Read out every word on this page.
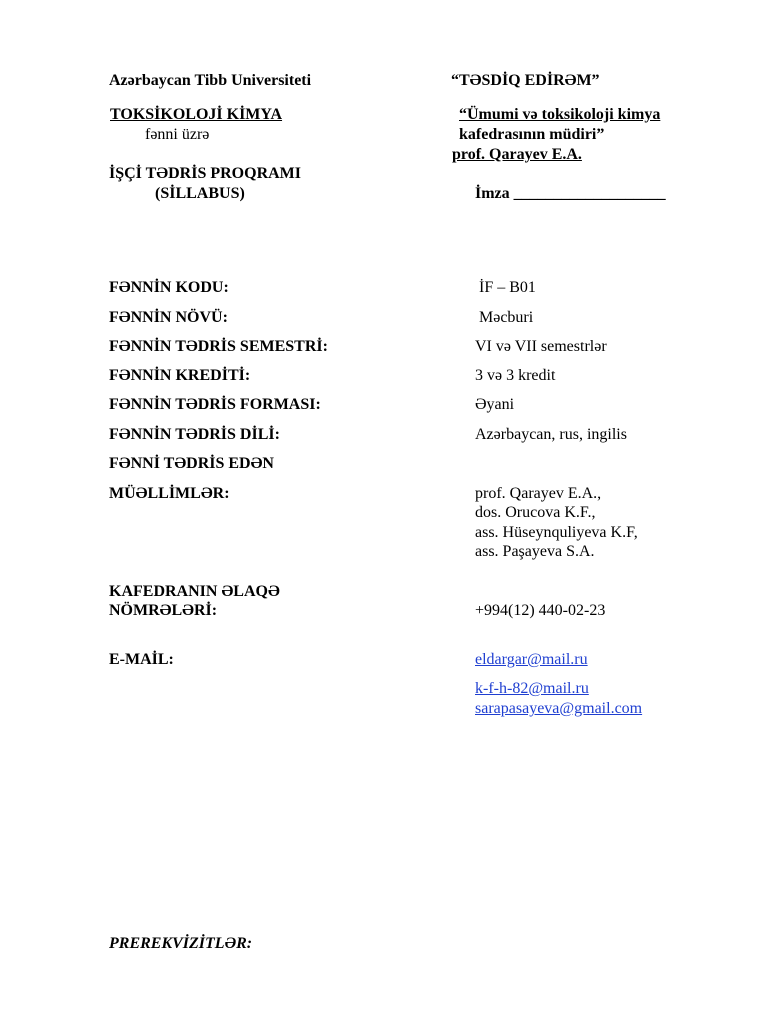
Azərbaycan Tibb Universiteti
TOKSİKOLOJİ KİMYA
fənni üzrə
İŞÇİ TƏDRİS PROQRAMI
(SİLLABUS)
“TƏSDİQ EDİRƏM”
“Ümumi və toksikoloji kimya
kafedrasının müdiri”
prof. Qarayev E.A.
İmza ___________________
FƏNNİN KODU:
FƏNNİN NÖVÜ:
FƏNNİN TƏDRİS SEMESTRİ:
FƏNNİN KREDİTİ:
FƏNNİN TƏDRİS FORMASI:
FƏNNİN TƏDRİS DİLİ:
FƏNNİ TƏDRİS EDƏN
MÜƏLLİMLƏR:
KAFEDRANIN ƏLAQƏ
NÖMRƏLƏRİ:
E-MAİL:
İF – B01
Məcburi
VI və VII semestrlər
3 və 3 kredit
Əyani
Azərbaycan, rus, ingilis
prof. Qarayev E.A.,
dos. Orucova K.F.,
ass. Hüseynquliyeva K.F,
ass. Paşayeva S.A.
+994(12) 440-02-23
eldargar@mail.ru
k-f-h-82@mail.ru
sarapasayeva@gmail.com
PREREKVİZİTLƏR:
